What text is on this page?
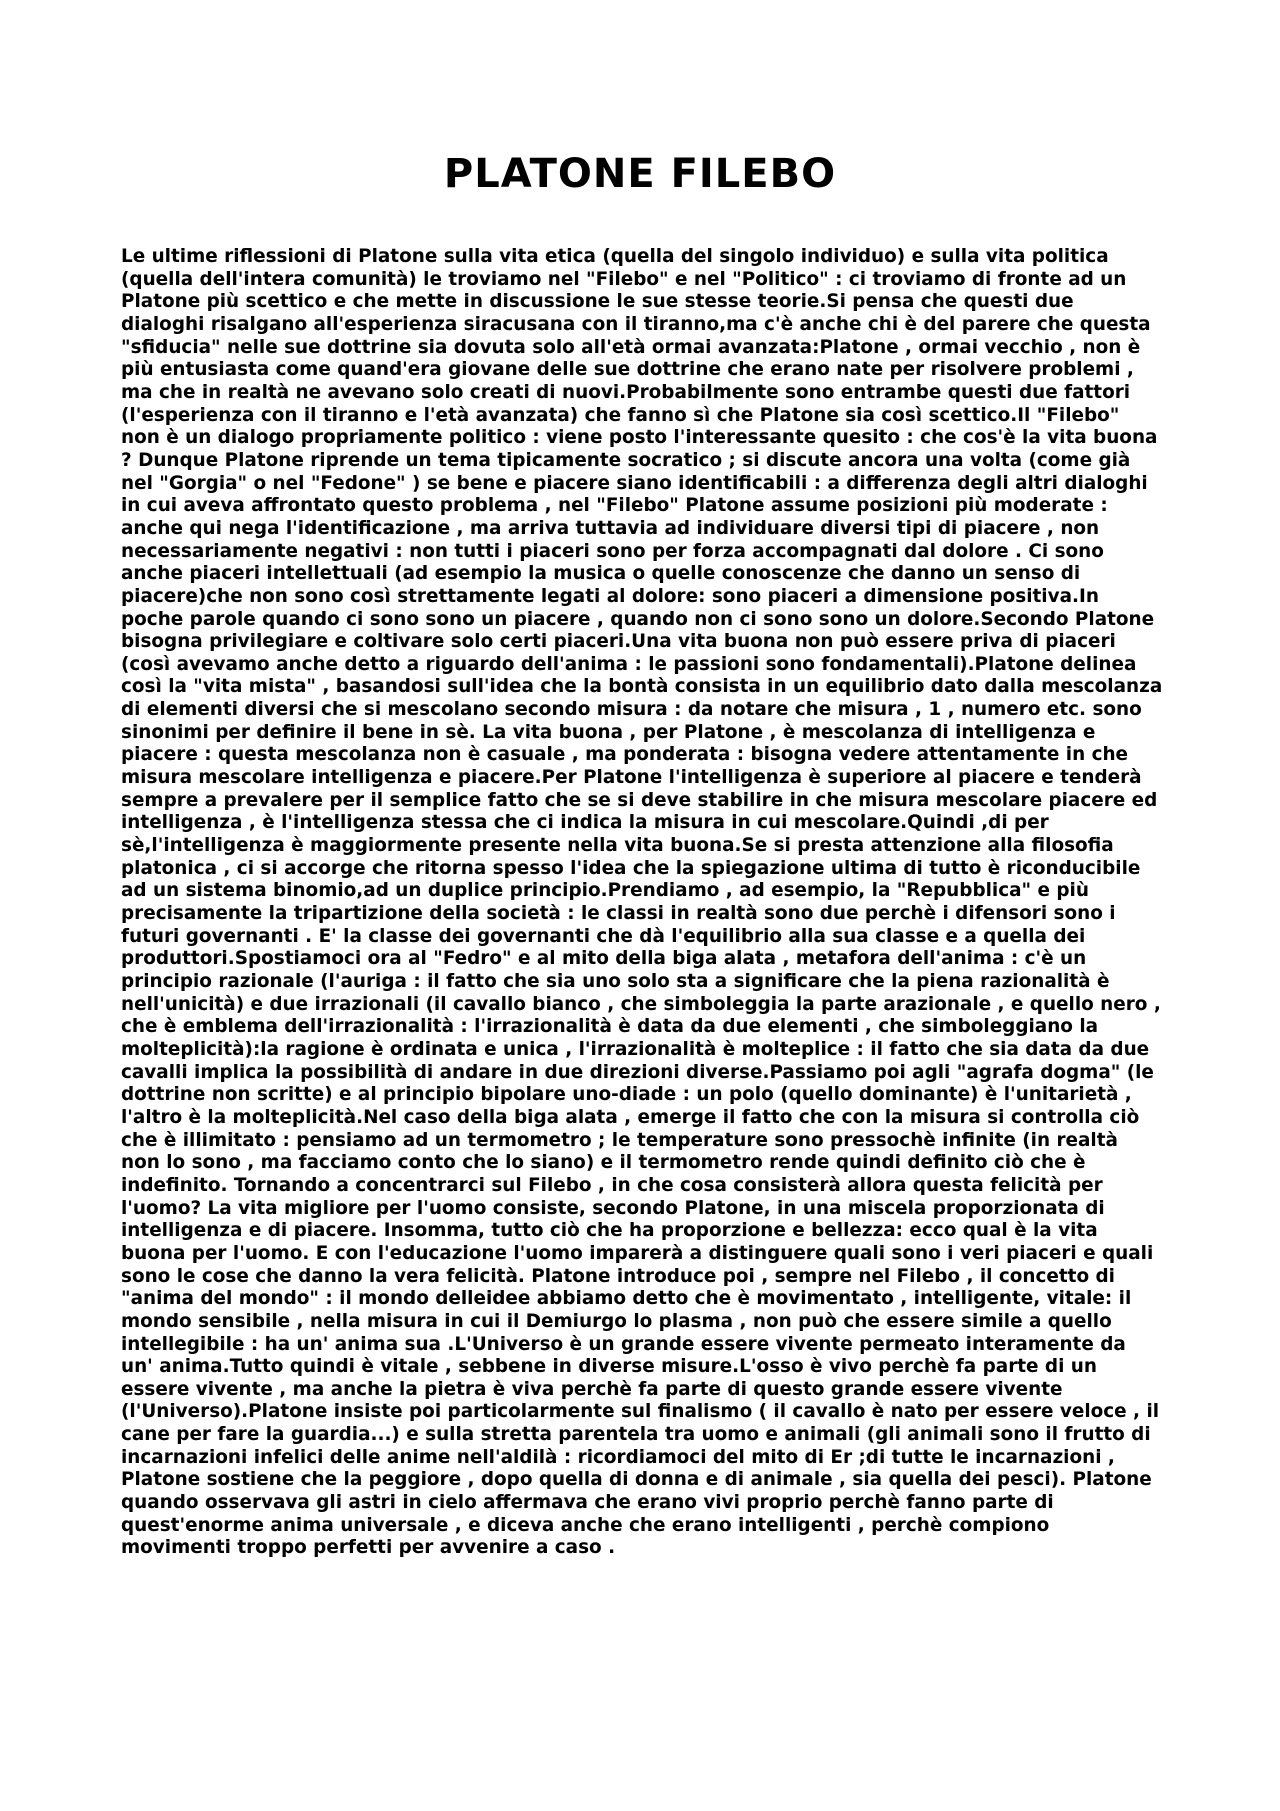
PLATONE FILEBO

Le ultime riflessioni di Platone sulla vita etica (quella del singolo individuo) e sulla vita politica (quella dell'intera comunità) le troviamo nel "Filebo" e nel "Politico" : ci troviamo di fronte ad un Platone più scettico e che mette in discussione le sue stesse teorie.Si pensa che questi due dialoghi risalgano all'esperienza siracusana con il tiranno,ma c'è anche chi è del parere che questa "sfiducia" nelle sue dottrine sia dovuta solo all'età ormai avanzata:Platone , ormai vecchio , non è più entusiasta come quand'era giovane delle sue dottrine che erano nate per risolvere problemi , ma che in realtà ne avevano solo creati di nuovi.Probabilmente sono entrambe questi due fattori (l'esperienza con il tiranno e l'età avanzata) che fanno sì che Platone sia così scettico.Il "Filebo" non è un dialogo propriamente politico : viene posto l'interessante quesito : che cos'è la vita buona ? Dunque Platone riprende un tema tipicamente socratico ; si discute ancora una volta (come già nel "Gorgia" o nel "Fedone" ) se bene e piacere siano identificabili : a differenza degli altri dialoghi in cui aveva affrontato questo problema , nel "Filebo" Platone assume posizioni più moderate : anche qui nega l'identificazione , ma arriva tuttavia ad individuare diversi tipi di piacere , non necessariamente negativi : non tutti i piaceri sono per forza accompagnati dal dolore . Ci sono anche piaceri intellettuali (ad esempio la musica o quelle conoscenze che danno un senso di piacere)che non sono così strettamente legati al dolore: sono piaceri a dimensione positiva.In poche parole quando ci sono sono un piacere , quando non ci sono sono un dolore.Secondo Platone bisogna privilegiare e coltivare solo certi piaceri.Una vita buona non può essere priva di piaceri (così avevamo anche detto a riguardo dell'anima : le passioni sono fondamentali).Platone delinea così la "vita mista" , basandosi sull'idea che la bontà consista in un equilibrio dato dalla mescolanza di elementi diversi che si mescolano secondo misura : da notare che misura , 1 , numero etc. sono sinonimi per definire il bene in sè. La vita buona , per Platone , è mescolanza di intelligenza e piacere : questa mescolanza non è casuale , ma ponderata : bisogna vedere attentamente in che misura mescolare intelligenza e piacere.Per Platone l'intelligenza è superiore al piacere e tenderà sempre a prevalere per il semplice fatto che se si deve stabilire in che misura mescolare piacere ed intelligenza , è l'intelligenza stessa che ci indica la misura in cui mescolare.Quindi ,di per sè,l'intelligenza è maggiormente presente nella vita buona.Se si presta attenzione alla filosofia platonica , ci si accorge che ritorna spesso l'idea che la spiegazione ultima di tutto è riconducibile ad un sistema binomio,ad un duplice principio.Prendiamo , ad esempio, la "Repubblica" e più precisamente la tripartizione della società : le classi in realtà sono due perchè i difensori sono i futuri governanti . E' la classe dei governanti che dà l'equilibrio alla sua classe e a quella dei produttori.Spostiamoci ora al "Fedro" e al mito della biga alata , metafora dell'anima : c'è un principio razionale (l'auriga : il fatto che sia uno solo sta a significare che la piena razionalità è nell'unicità) e due irrazionali (il cavallo bianco , che simboleggia la parte arazionale , e quello nero , che è emblema dell'irrazionalità : l'irrazionalità è data da due elementi , che simboleggiano la molteplicità):la ragione è ordinata e unica , l'irrazionalità è molteplice : il fatto che sia data da due cavalli implica la possibilità di andare in due direzioni diverse.Passiamo poi agli "agrafa dogma" (le dottrine non scritte) e al principio bipolare uno-diade : un polo (quello dominante) è l'unitarietà , l'altro è la molteplicità.Nel caso della biga alata , emerge il fatto che con la misura si controlla ciò che è illimitato : pensiamo ad un termometro ; le temperature sono pressochè infinite (in realtà non lo sono , ma facciamo conto che lo siano) e il termometro rende quindi definito ciò che è indefinito. Tornando a concentrarci sul Filebo , in che cosa consisterà allora questa felicità per l'uomo? La vita migliore per l'uomo consiste, secondo Platone, in una miscela proporzionata di intelligenza e di piacere. Insomma, tutto ciò che ha proporzione e bellezza: ecco qual è la vita buona per l'uomo. E con l'educazione l'uomo imparerà a distinguere quali sono i veri piaceri e quali sono le cose che danno la vera felicità. Platone introduce poi , sempre nel Filebo , il concetto di "anima del mondo" : il mondo delleidee abbiamo detto che è movimentato , intelligente, vitale: il mondo sensibile , nella misura in cui il Demiurgo lo plasma , non può che essere simile a quello intellegibile : ha un' anima sua .L'Universo è un grande essere vivente permeato interamente da un' anima.Tutto quindi è vitale , sebbene in diverse misure.L'osso è vivo perchè fa parte di un essere vivente , ma anche la pietra è viva perchè fa parte di questo grande essere vivente (l'Universo).Platone insiste poi particolarmente sul finalismo ( il cavallo è nato per essere veloce , il cane per fare la guardia...) e sulla stretta parentela tra uomo e animali (gli animali sono il frutto di incarnazioni infelici delle anime nell'aldilà : ricordiamoci del mito di Er ;di tutte le incarnazioni , Platone sostiene che la peggiore , dopo quella di donna e di animale , sia quella dei pesci). Platone quando osservava gli astri in cielo affermava che erano vivi proprio perchè fanno parte di quest'enorme anima universale , e diceva anche che erano intelligenti , perchè compiono movimenti troppo perfetti per avvenire a caso .
